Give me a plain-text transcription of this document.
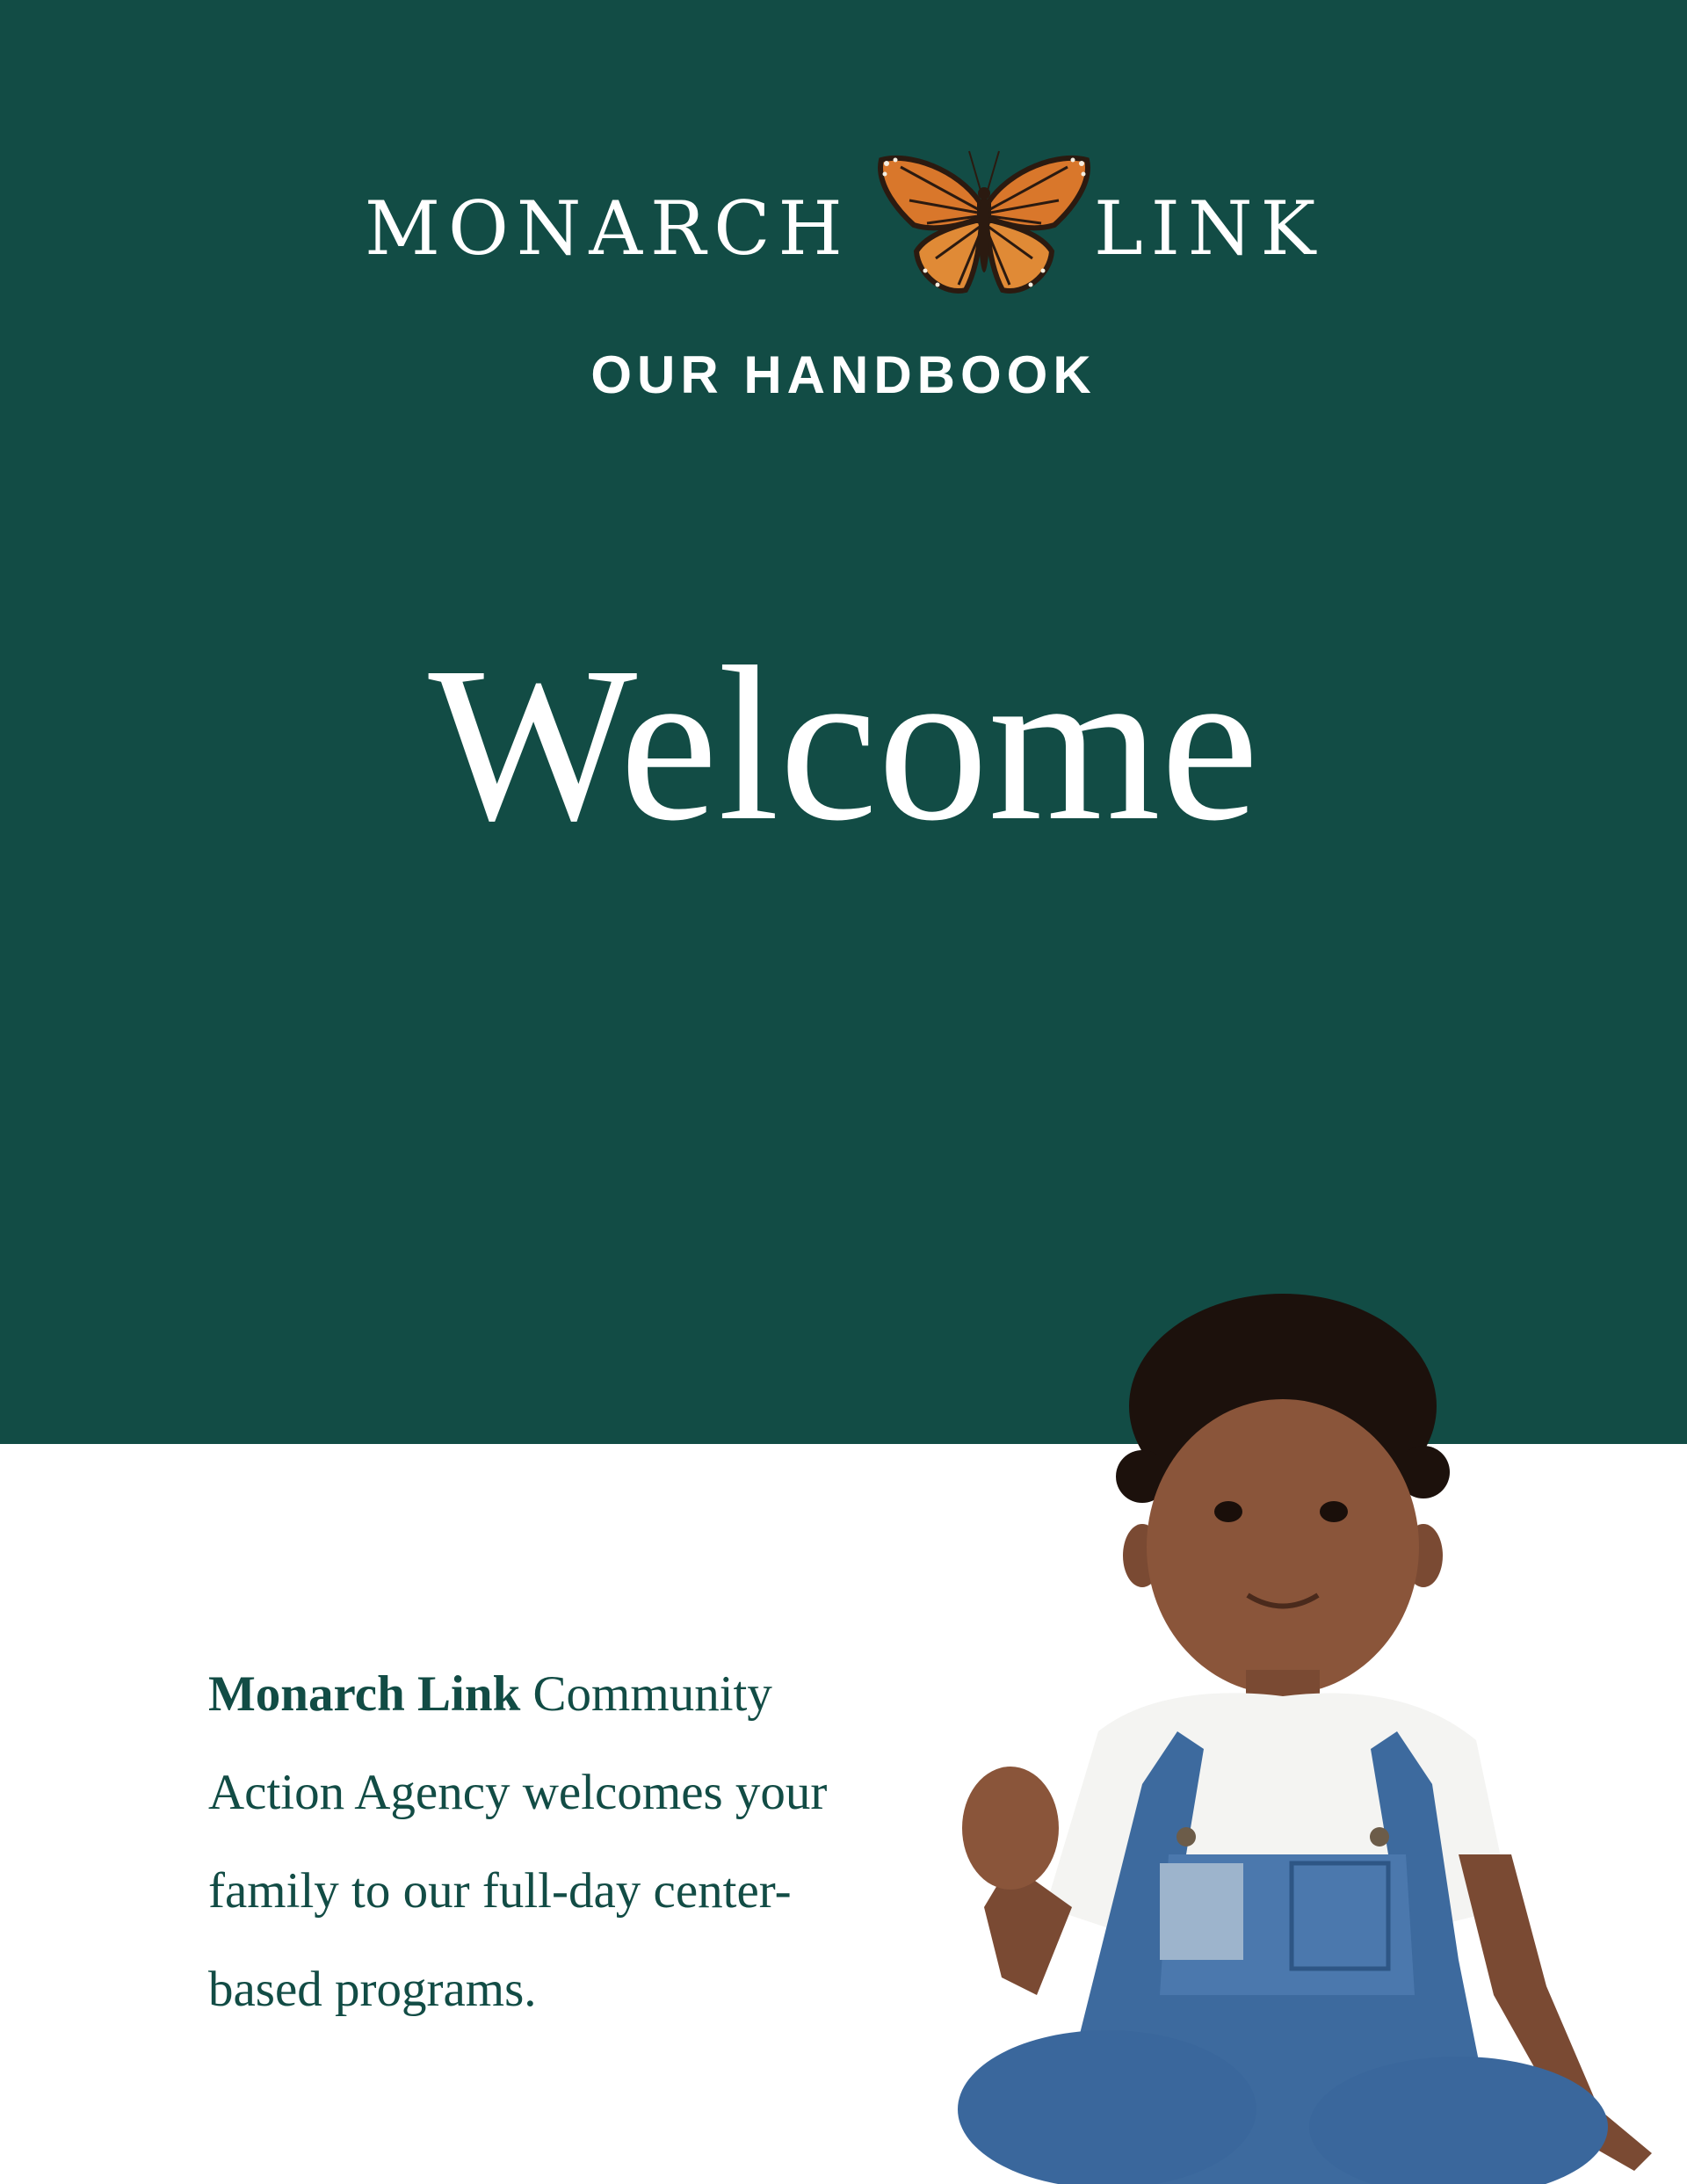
MONARCH	LINK
OUR HANDBOOK
Welcome

Monarch Link Community Action Agency welcomes your family to our full-day center-based programs.
